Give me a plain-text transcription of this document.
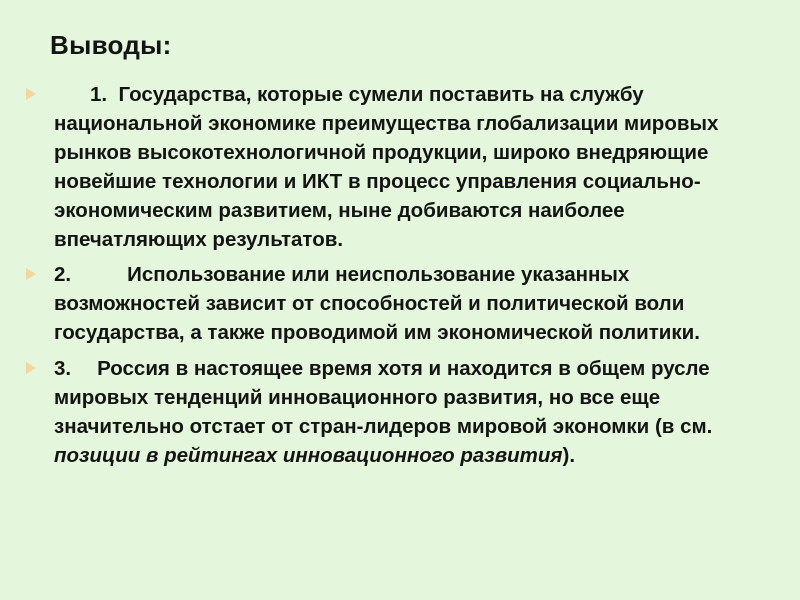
Выводы:
1. Государства, которые сумели поставить на службу национальной экономике преимущества глобализации мировых рынков высокотехнологичной продукции, широко внедряющие новейшие технологии и ИКТ в процесс управления социально-экономическим развитием, ныне добиваются наиболее впечатляющих результатов.
2.	Использование или неиспользование указанных возможностей зависит от способностей и политической воли государства, а также проводимой им экономической политики.
3. Россия в настоящее время хотя и находится в общем русле мировых тенденций инновационного развития, но все еще значительно отстает от стран-лидеров мировой экономки (в см. позиции в рейтингах инновационного развития).
